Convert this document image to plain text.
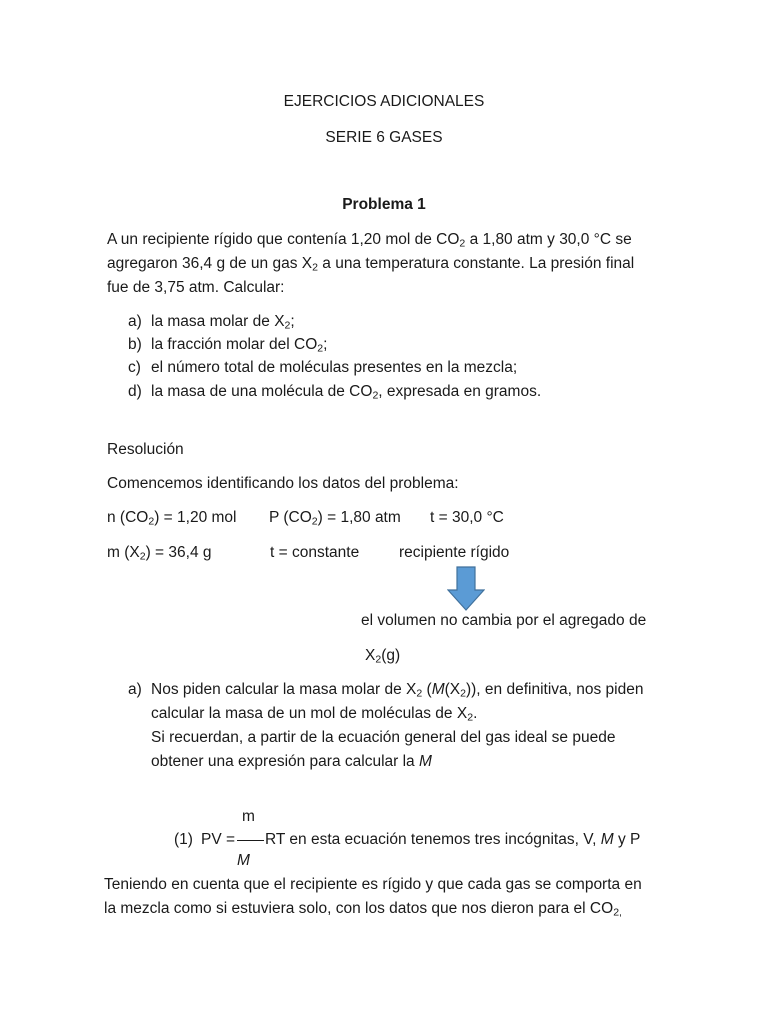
EJERCICIOS ADICIONALES
SERIE 6 GASES
Problema 1
A un recipiente rígido que contenía 1,20 mol de $CO_2$ a 1,80 atm y 30,0 °C se
agregaron 36,4 g de un gas $X_2$ a una temperatura constante. La presión final
fue de 3,75 atm. Calcular:
a) la masa molar de $X_2$;
b) la fracción molar del $CO_2$;
c) el número total de moléculas presentes en la mezcla;
d) la masa de una molécula de $CO_2$, expresada en gramos.
Resolución
Comencemos identificando los datos del problema:
n $(CO_2) = 1,20$ mol P $(CO_2) = 1,80$ atm t = 30,0 °C
m $(X_2) = 36,4$ g	t = constante	recipiente rígido
el volumen no cambia por el agregado de
$X_2(g)$
a) Nos piden calcular la masa molar de $X_2$ $(M(X_2))$, en definitiva, nos piden
calcular la masa de un mol de moléculas de $X_2$.
Si recuerdan, a partir de la ecuación general del gas ideal se puede
obtener una expresión para calcular la M
m
M
(1) PV = RT en esta ecuación tenemos tres incógnitas, V, M y P
Teniendo en cuenta que el recipiente es rígido y que cada gas se comporta en
la mezcla como si estuviera solo, con los datos que nos dieron para el $CO_{2,}$
